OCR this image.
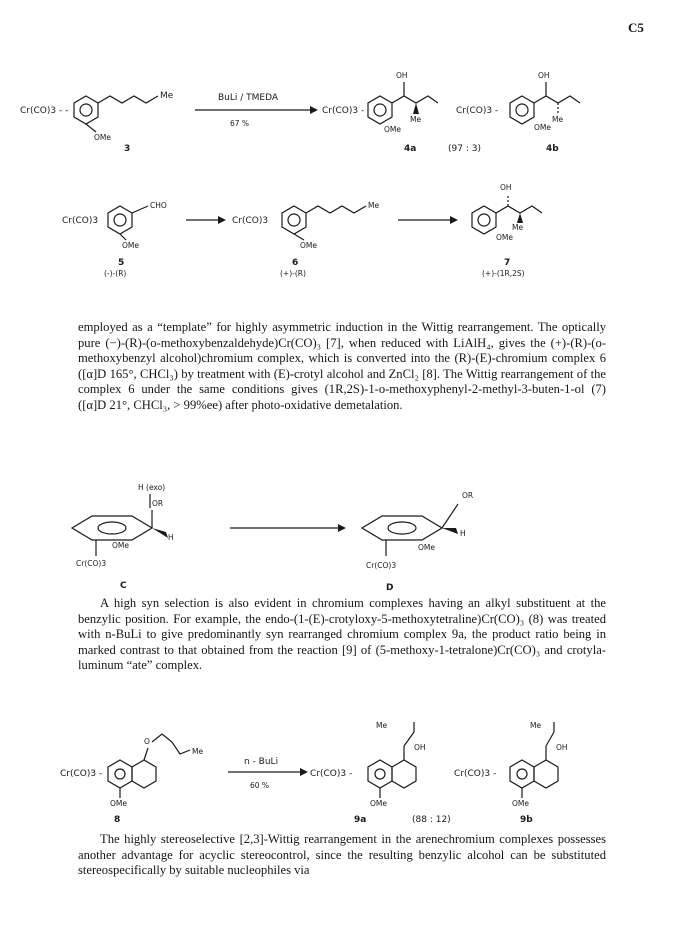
C5
Cr(CO)3 - -
Me
OMe
3
BuLi / TMEDA
67 %
Cr(CO)3 -
OH
Me
OMe
4a	(97 : 3)
Cr(CO)3 -
OH
Me
OMe
4b
Cr(CO)3
CHO
OMe
5
(-)-(R)
Cr(CO)3
Me
OMe
6
(+)-(R)
OH
Me
OMe
7
(+)-(1R,2S)

employed as a “template” for highly asymmetric induction in the Wittig rearrangement. The optically pure (−)-(R)-(o-methoxybenzaldehyde)Cr(CO)₃ [7], when reduced with LiAlH₄, gives the (+)-(R)-(o-methoxybenzyl alcohol)chromium complex, which is converted into the (R)-(E)-chromium complex 6 ([α]D 165°, CHCl₃) by treatment with (E)-crotyl alcohol and ZnCl₂ [8]. The Wittig rearrangement of the complex 6 under the same conditions gives (1R,2S)-1-o-methoxyphenyl-2-methyl-3-buten-1-ol (7) ([α]D 21°, CHCl₃, > 99%ee) after photo-oxidative demetalation.

H (exo)
OR
H
OMe
Cr(CO)3
C
OR
H
OMe
Cr(CO)3
D

A high syn selection is also evident in chromium complexes having an alkyl substituent at the benzylic position. For example, the endo-(1-(E)-crotyloxy-5-methoxytetraline)Cr(CO)₃ (8) was treated with n-BuLi to give predominantly syn rearranged chromium complex 9a, the product ratio being in marked contrast to that obtained from the reaction [9] of (5-methoxy-1-tetralone)Cr(CO)₃ and crotylaluminum “ate” complex.

Cr(CO)3 -
O
Me
OMe
8
n - BuLi
60 %
Cr(CO)3 -
Me
OH
OMe
9a	(88 : 12)
Cr(CO)3 -
Me
OH
OMe
9b

The highly stereoselective [2,3]-Wittig rearrangement in the arenechromium complexes possesses another advantage for acyclic stereocontrol, since the resulting benzylic alcohol can be substituted stereospecifically by suitable nucleophiles via
